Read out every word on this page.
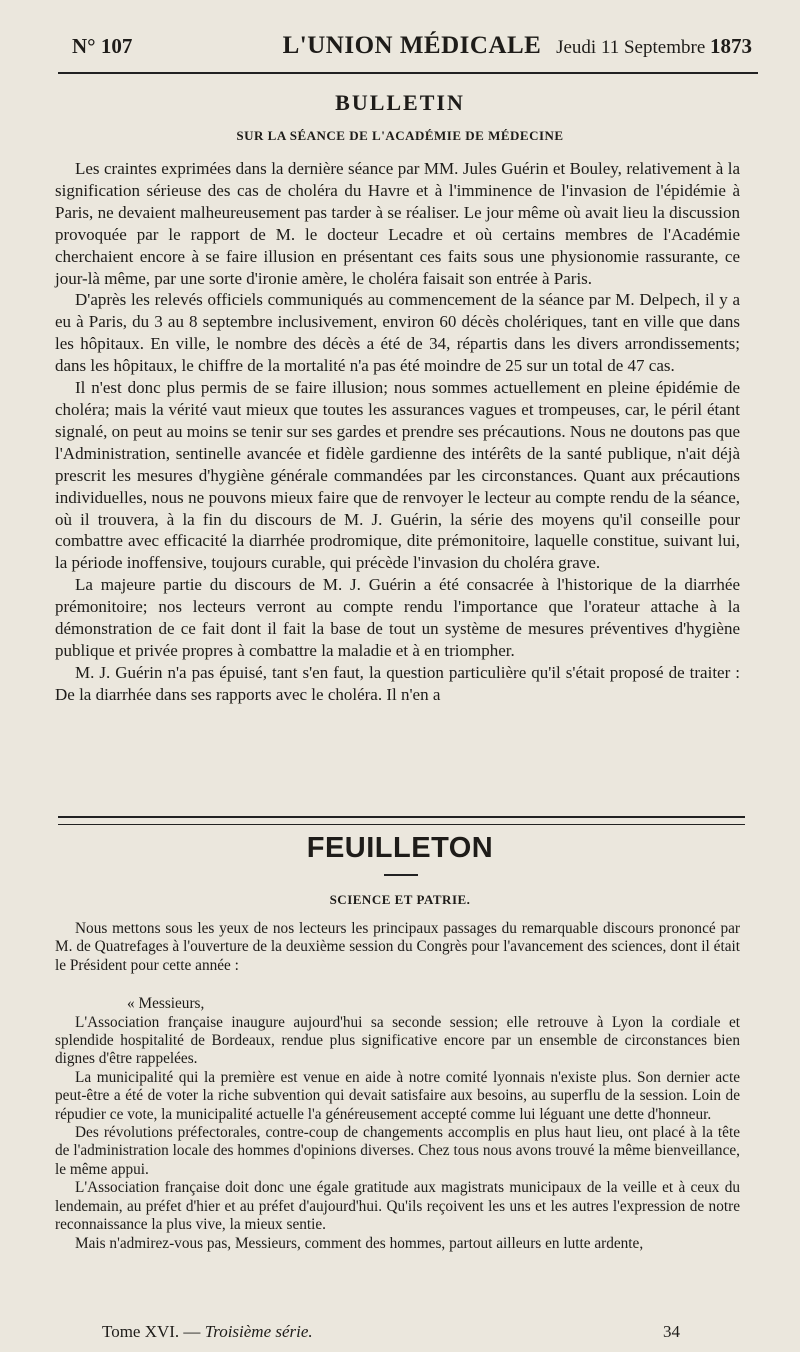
N° 107	L'UNION MÉDICALE Jeudi 11 Septembre 1873
BULLETIN
SUR LA SÉANCE DE L'ACADÉMIE DE MÉDECINE

Les craintes exprimées dans la dernière séance par MM. Jules Guérin et Bouley, relativement à la signification sérieuse des cas de choléra du Havre et à l'imminence de l'invasion de l'épidémie à Paris, ne devaient malheureusement pas tarder à se réaliser. Le jour même où avait lieu la discussion provoquée par le rapport de M. le docteur Lecadre et où certains membres de l'Académie cherchaient encore à se faire illusion en présentant ces faits sous une physionomie rassurante, ce jour-là même, par une sorte d'ironie amère, le choléra faisait son entrée à Paris.

D'après les relevés officiels communiqués au commencement de la séance par M. Delpech, il y a eu à Paris, du 3 au 8 septembre inclusivement, environ 60 décès cholériques, tant en ville que dans les hôpitaux. En ville, le nombre des décès a été de 34, répartis dans les divers arrondissements; dans les hôpitaux, le chiffre de la mortalité n'a pas été moindre de 25 sur un total de 47 cas.

Il n'est donc plus permis de se faire illusion; nous sommes actuellement en pleine épidémie de choléra; mais la vérité vaut mieux que toutes les assurances vagues et trompeuses, car, le péril étant signalé, on peut au moins se tenir sur ses gardes et prendre ses précautions. Nous ne doutons pas que l'Administration, sentinelle avancée et fidèle gardienne des intérêts de la santé publique, n'ait déjà prescrit les mesures d'hygiène générale commandées par les circonstances. Quant aux précautions individuelles, nous ne pouvons mieux faire que de renvoyer le lecteur au compte rendu de la séance, où il trouvera, à la fin du discours de M. J. Guérin, la série des moyens qu'il conseille pour combattre avec efficacité la diarrhée prodromique, dite prémonitoire, laquelle constitue, suivant lui, la période inoffensive, toujours curable, qui précède l'invasion du choléra grave.

La majeure partie du discours de M. J. Guérin a été consacrée à l'historique de la diarrhée prémonitoire; nos lecteurs verront au compte rendu l'importance que l'orateur attache à la démonstration de ce fait dont il fait la base de tout un système de mesures préventives d'hygiène publique et privée propres à combattre la maladie et à en triompher.

M. J. Guérin n'a pas épuisé, tant s'en faut, la question particulière qu'il s'était proposé de traiter : De la diarrhée dans ses rapports avec le choléra. Il n'en a

FEUILLETON
SCIENCE ET PATRIE.

Nous mettons sous les yeux de nos lecteurs les principaux passages du remarquable discours prononcé par M. de Quatrefages à l'ouverture de la deuxième session du Congrès pour l'avancement des sciences, dont il était le Président pour cette année :

« Messieurs,

L'Association française inaugure aujourd'hui sa seconde session; elle retrouve à Lyon la cordiale et splendide hospitalité de Bordeaux, rendue plus significative encore par un ensemble de circonstances bien dignes d'être rappelées.

La municipalité qui la première est venue en aide à notre comité lyonnais n'existe plus. Son dernier acte peut-être a été de voter la riche subvention qui devait satisfaire aux besoins, au superflu de la session. Loin de répudier ce vote, la municipalité actuelle l'a généreusement accepté comme lui léguant une dette d'honneur.

Des révolutions préfectorales, contre-coup de changements accomplis en plus haut lieu, ont placé à la tête de l'administration locale des hommes d'opinions diverses. Chez tous nous avons trouvé la même bienveillance, le même appui.

L'Association française doit donc une égale gratitude aux magistrats municipaux de la veille et à ceux du lendemain, au préfet d'hier et au préfet d'aujourd'hui. Qu'ils reçoivent les uns et les autres l'expression de notre reconnaissance la plus vive, la mieux sentie.

Mais n'admirez-vous pas, Messieurs, comment des hommes, partout ailleurs en lutte ardente,

Tome XVI. — Troisième série.	34
